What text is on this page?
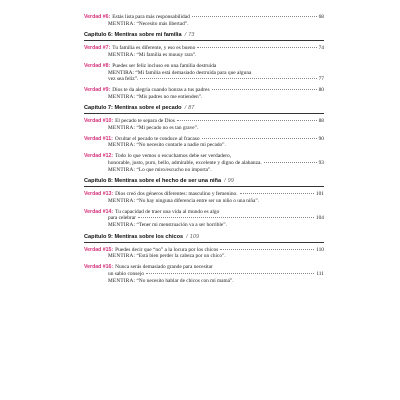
Verdad #6: Estás lista para más responsabilidad	68
MENTIRA: “Necesito más libertad”.
Capítulo 6: Mentiras sobre mi familia / 73
Verdad #7: Tu familia es diferente, y eso es bueno	74
MENTIRA: “Mi familia es muuuy rara”.
Verdad #8: Puedes ser feliz incluso en una familia destruida
MENTIRA: “Mi familia está demasiado destruida para que alguna
vez sea feliz”.	77
Verdad #9: Dios te da alegría cuando honras a tus padres	80
MENTIRA: “Mis padres no me entienden”.
Capítulo 7: Mentiras sobre el pecado / 87
Verdad #10: El pecado te separa de Dios	88
MENTIRA: “Mi pecado no es tan grave”.
Verdad #11: Ocultar el pecado te conduce al fracaso	90
MENTIRA: “No necesito contarle a nadie mi pecado”.
Verdad #12: Todo lo que vemos o escuchamos debe ser verdadero,
honorable, justo, puro, bello, admirable, excelente y digno de alabanza.	93
MENTIRA: “Lo que miro/escucho no importa”.
Capítulo 8: Mentiras sobre el hecho de ser una niña / 99
Verdad #13: Dios creó dos géneros diferentes: masculino y femenino.	101
MENTIRA: “No hay ninguna diferencia entre ser un niño o una niña”.
Verdad #14: Tu capacidad de traer una vida al mundo es algo
para celebrar	104
MENTIRA: “Tener mi menstruación va a ser horrible”.
Capítulo 9: Mentiras sobre los chicos / 109
Verdad #15: Puedes decir que “no” a la locura por los chicos	110
MENTIRA: “Está bien perder la cabeza por un chico”.
Verdad #16: Nunca serás demasiado grande para necesitar
un sabio consejo	111
MENTIRA: “No necesito hablar de chicos con mi mamá”.
